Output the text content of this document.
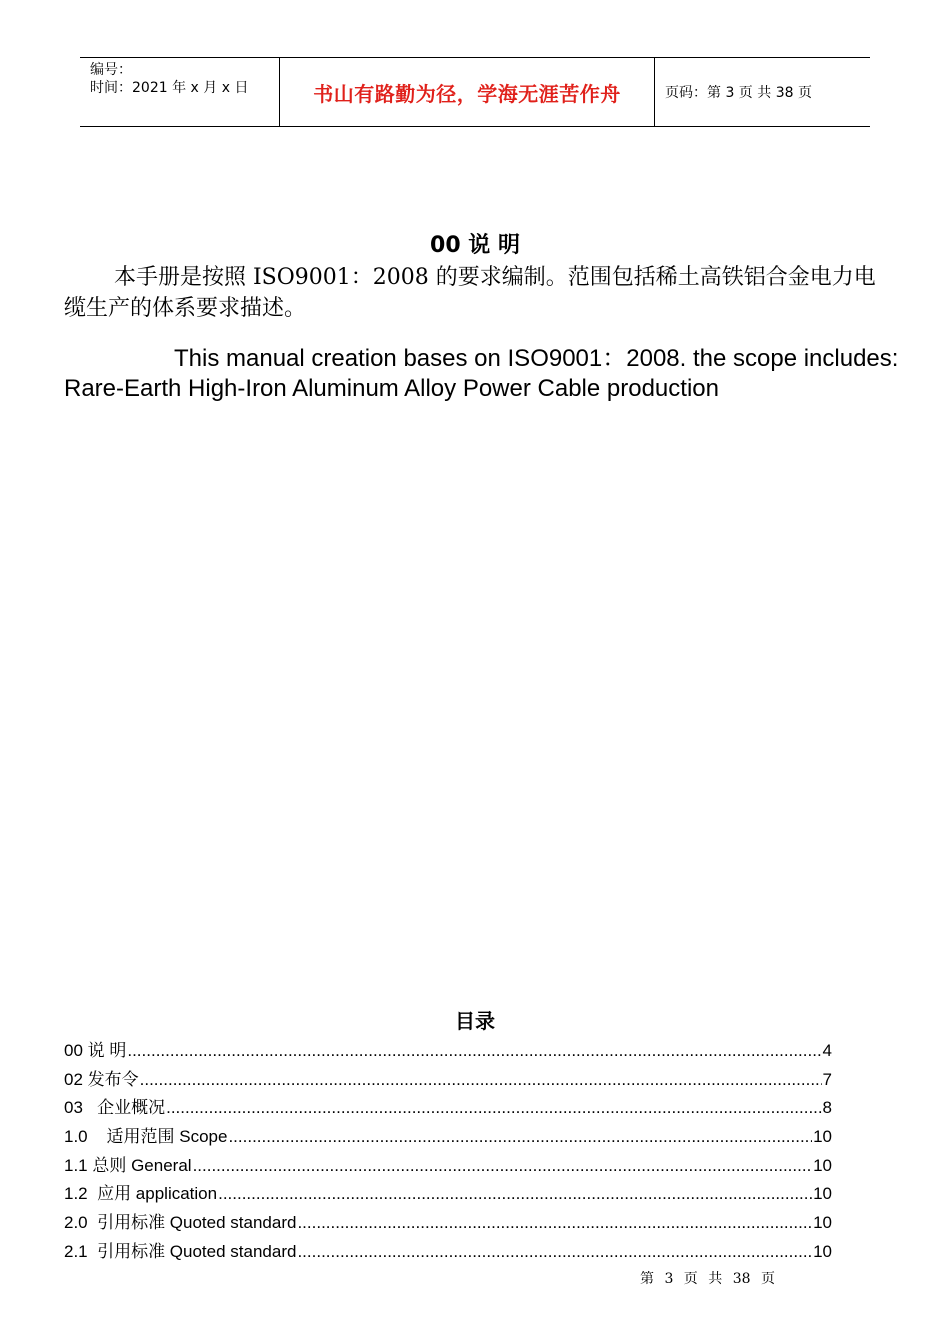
编号：
时间：2021 年 x 月 x 日	书山有路勤为径，学海无涯苦作舟	页码：第 3 页 共 38 页
00 说 明
本手册是按照 ISO9001：2008 的要求编制。范围包括稀土高铁铝合金电力电缆生产的体系要求描述。
This manual creation bases on ISO9001：2008. the scope includes: Rare-Earth High-Iron Aluminum Alloy Power Cable production
目录
00 说 明 .....	4
02 发布令 .....	7
03   企业概况 .....	8
1.0    适用范围 Scope .....	10
1.1 总则 General .....	10
1.2  应用 application .....	10
2.0  引用标准 Quoted standard .....	10
2.1  引用标准 Quoted standard .....	10
第 3 页 共 38 页
